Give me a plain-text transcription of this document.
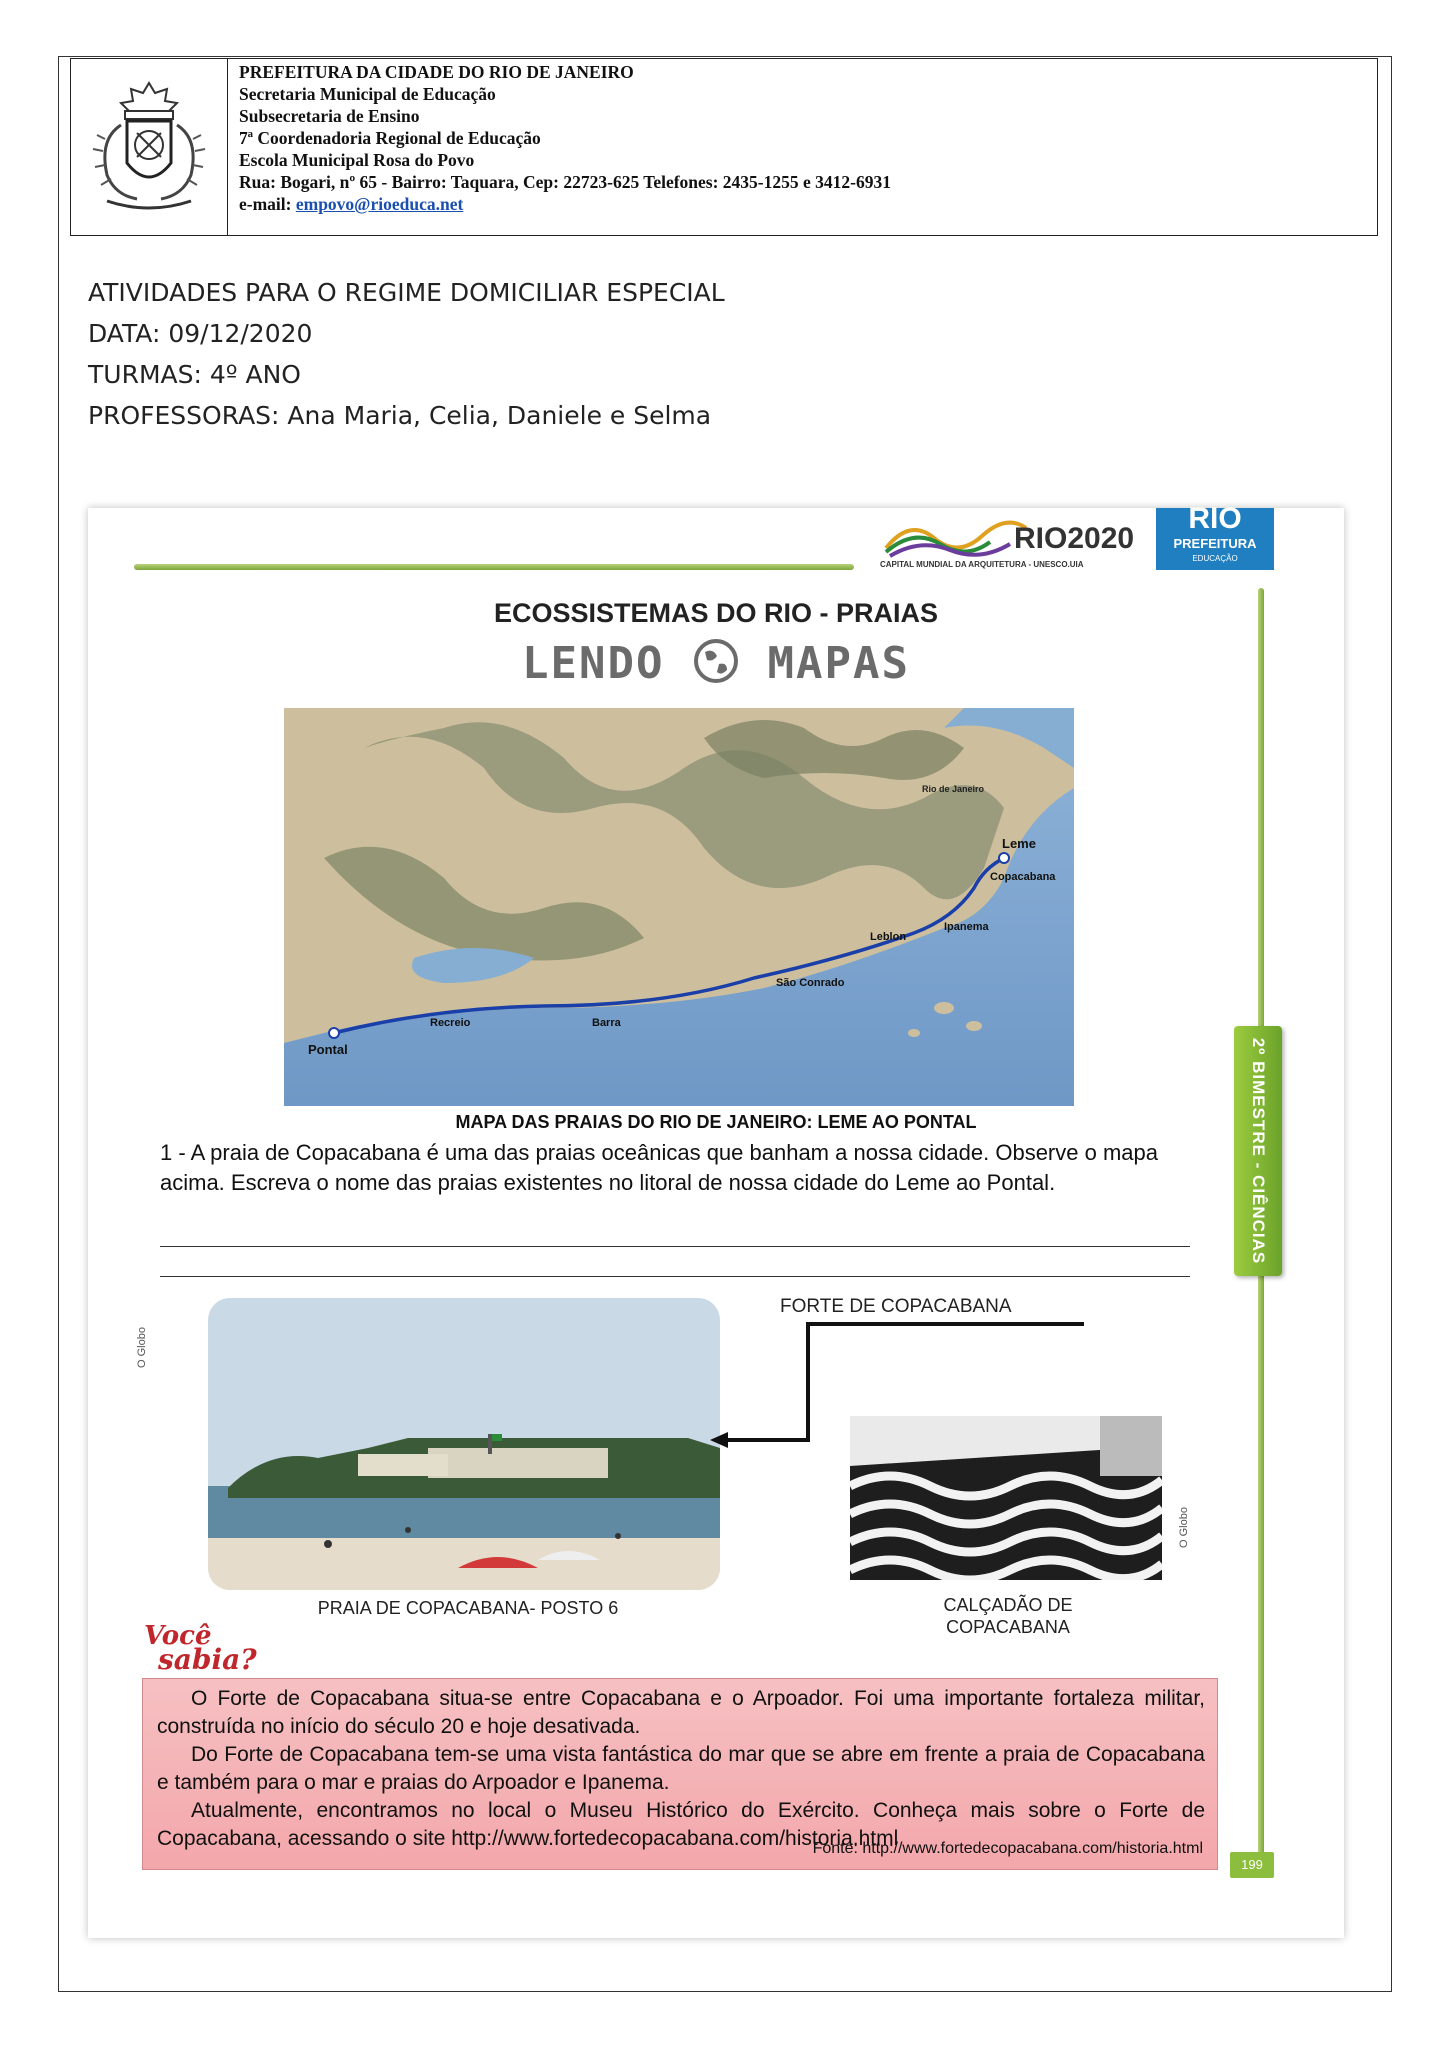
PREFEITURA DA CIDADE DO RIO DE JANEIRO
Secretaria Municipal de Educação
Subsecretaria de Ensino
7ª Coordenadoria Regional de Educação
Escola Municipal Rosa do Povo
Rua: Bogari, nº 65 - Bairro: Taquara, Cep: 22723-625 Telefones: 2435-1255 e 3412-6931
e-mail: empovo@rioeduca.net
ATIVIDADES PARA O REGIME DOMICILIAR ESPECIAL
DATA: 09/12/2020
TURMAS: 4º ANO
PROFESSORAS: Ana Maria, Celia, Daniele e Selma
RIO2020
CAPITAL MUNDIAL DA ARQUITETURA - UNESCO.UIA
RIO
PREFEITURA
EDUCAÇÃO
ECOSSISTEMAS DO RIO - PRAIAS
LENDO MAPAS
Leme
Copacabana
Ipanema
Leblon
São Conrado
Barra
Recreio
Pontal
Rio de Janeiro
MAPA DAS PRAIAS DO RIO DE JANEIRO: LEME AO PONTAL
1 - A praia de Copacabana é uma das praias oceânicas que banham a nossa cidade. Observe o mapa acima. Escreva o nome das praias existentes no litoral de nossa cidade do Leme ao Pontal.
O Globo
FORTE DE COPACABANA
PRAIA DE COPACABANA- POSTO 6
O Globo
CALÇADÃO DE
COPACABANA
Você
sabia?

O Forte de Copacabana situa-se entre Copacabana e o Arpoador. Foi uma importante fortaleza militar, construída no início do século 20 e hoje desativada.

Do Forte de Copacabana tem-se uma vista fantástica do mar que se abre em frente a praia de Copacabana e também para o mar e praias do Arpoador e Ipanema.

Atualmente, encontramos no local o Museu Histórico do Exército. Conheça mais sobre o Forte de Copacabana, acessando o site http://www.fortedecopacabana.com/historia.html

Fonte: http://www.fortedecopacabana.com/historia.html
2º BIMESTRE - CIÊNCIAS
199
